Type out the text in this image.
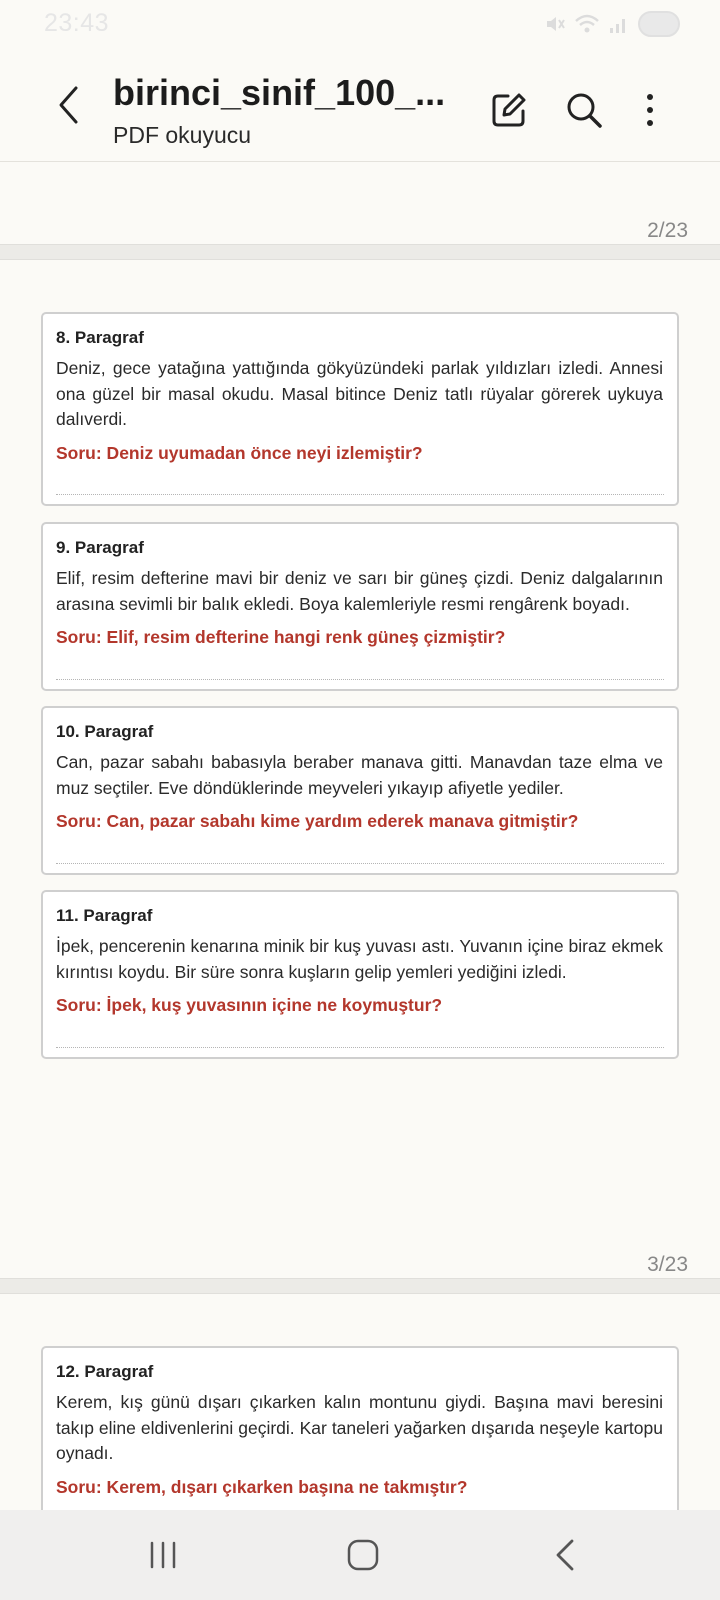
23:43
birinci_sinif_100_...
PDF okuyucu
2/23
8. Paragraf
Deniz, gece yatağına yattığında gökyüzündeki parlak yıldızları izledi. Annesi ona güzel bir masal okudu. Masal bitince Deniz tatlı rüyalar görerek uykuya dalıverdi.
Soru: Deniz uyumadan önce neyi izlemiştir?
9. Paragraf
Elif, resim defterine mavi bir deniz ve sarı bir güneş çizdi. Deniz dalgalarının arasına sevimli bir balık ekledi. Boya kalemleriyle resmi rengârenk boyadı.
Soru: Elif, resim defterine hangi renk güneş çizmiştir?
10. Paragraf
Can, pazar sabahı babasıyla beraber manava gitti. Manavdan taze elma ve muz seçtiler. Eve döndüklerinde meyveleri yıkayıp afiyetle yediler.
Soru: Can, pazar sabahı kime yardım ederek manava gitmiştir?
11. Paragraf
İpek, pencerenin kenarına minik bir kuş yuvası astı. Yuvanın içine biraz ekmek kırıntısı koydu. Bir süre sonra kuşların gelip yemleri yediğini izledi.
Soru: İpek, kuş yuvasının içine ne koymuştur?
3/23
12. Paragraf
Kerem, kış günü dışarı çıkarken kalın montunu giydi. Başına mavi beresini takıp eline eldivenlerini geçirdi. Kar taneleri yağarken dışarıda neşeyle kartopu oynadı.
Soru: Kerem, dışarı çıkarken başına ne takmıştır?
